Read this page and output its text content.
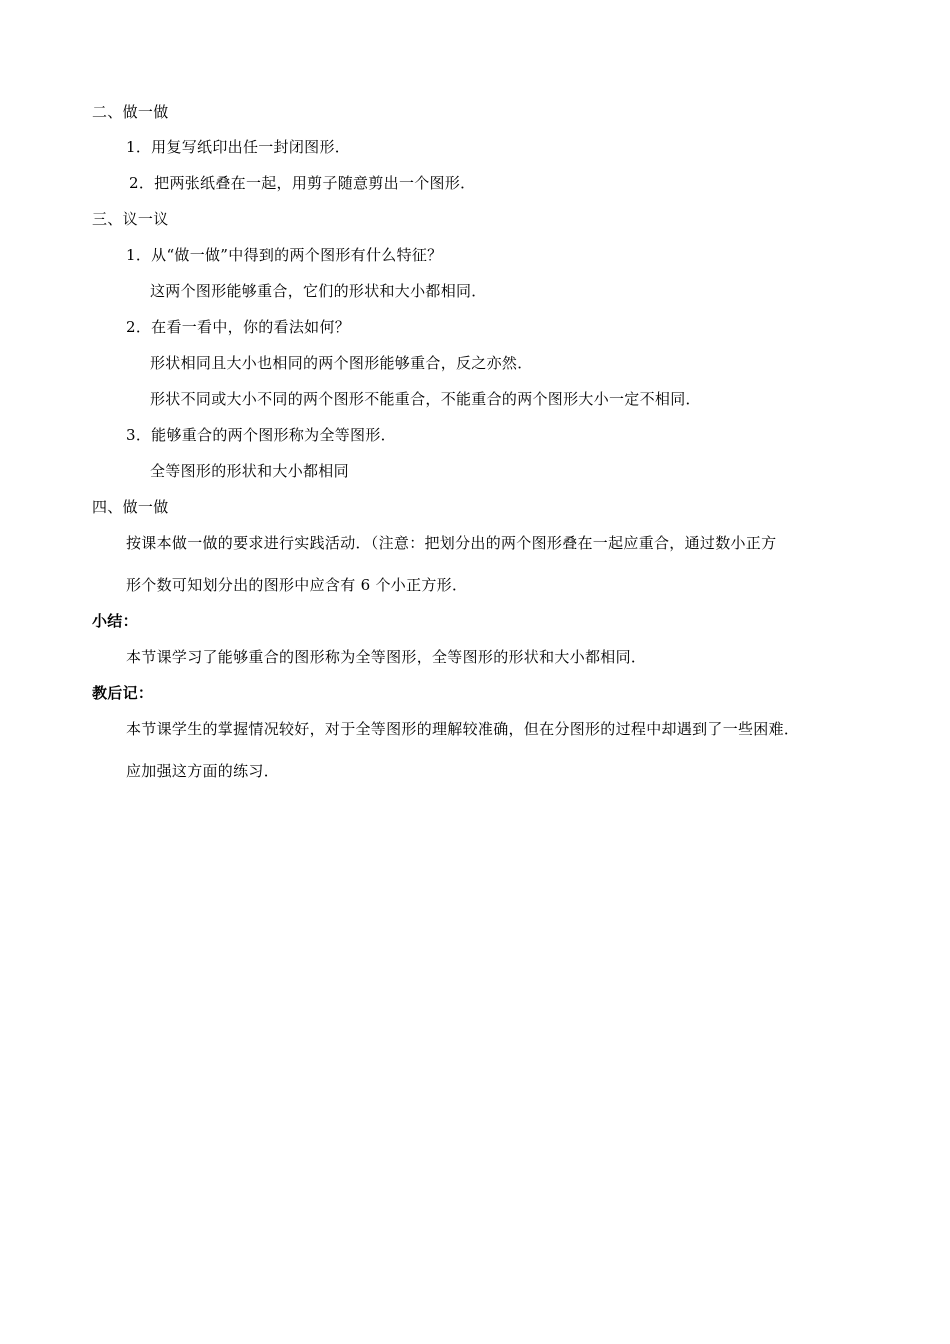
二、做一做
1．用复写纸印出任一封闭图形．
2．把两张纸叠在一起，用剪子随意剪出一个图形．
三、议一议
1．从“做一做”中得到的两个图形有什么特征？
这两个图形能够重合，它们的形状和大小都相同．
2．在看一看中，你的看法如何？
形状相同且大小也相同的两个图形能够重合，反之亦然．
形状不同或大小不同的两个图形不能重合，不能重合的两个图形大小一定不相同．
3．能够重合的两个图形称为全等图形．
全等图形的形状和大小都相同
四、做一做
按课本做一做的要求进行实践活动．（注意：把划分出的两个图形叠在一起应重合，通过数小正方
形个数可知划分出的图形中应含有 6 个小正方形．
小结：
本节课学习了能够重合的图形称为全等图形，全等图形的形状和大小都相同．
教后记：
本节课学生的掌握情况较好，对于全等图形的理解较准确，但在分图形的过程中却遇到了一些困难．
应加强这方面的练习．
